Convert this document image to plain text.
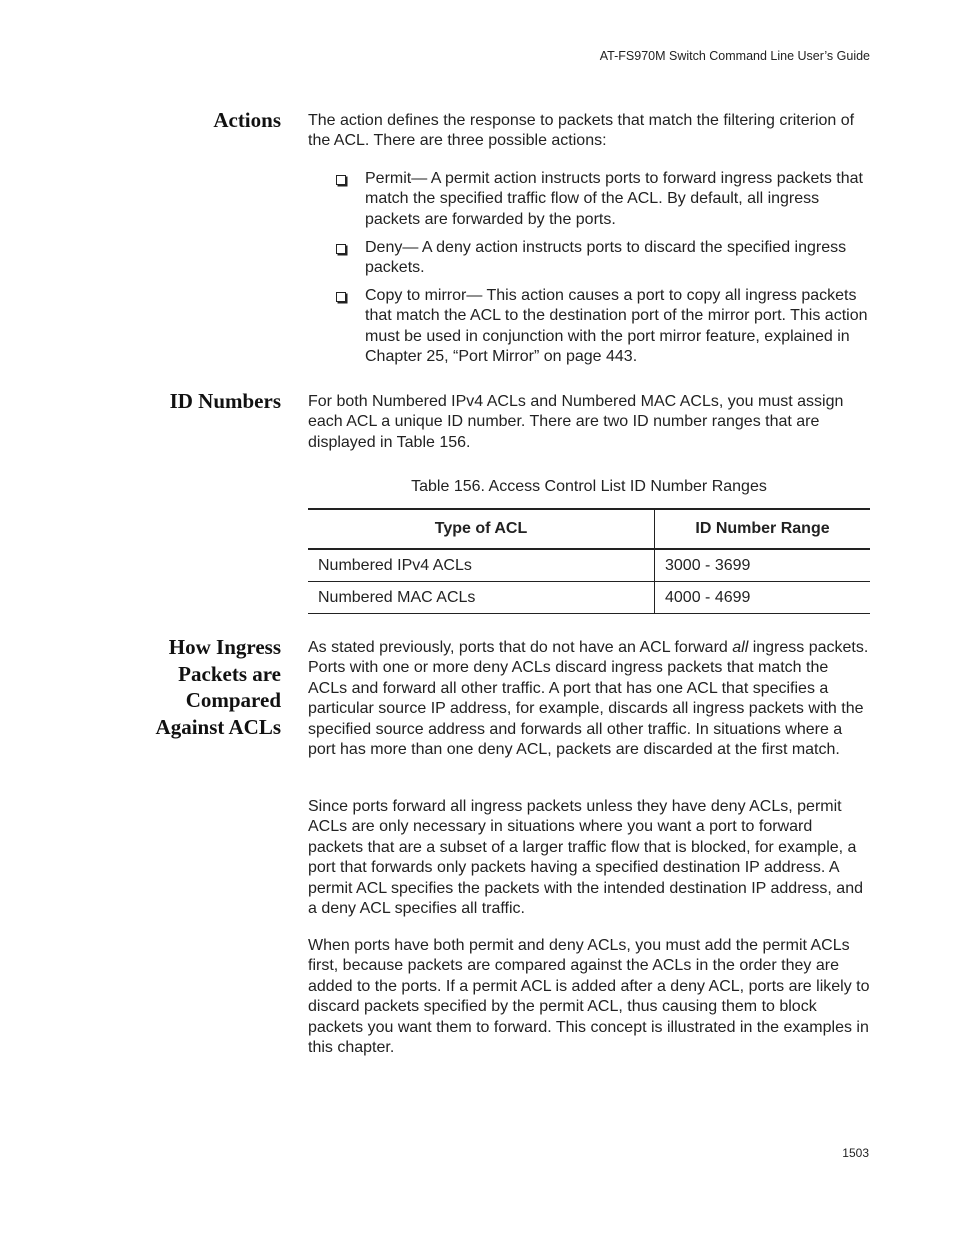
AT-FS970M Switch Command Line User’s Guide
Actions The action defines the response to packets that match the filtering criterion of the ACL. There are three possible actions:

Permit— A permit action instructs ports to forward ingress packets that match the specified traffic flow of the ACL. By default, all ingress packets are forwarded by the ports.
Deny— A deny action instructs ports to discard the specified ingress packets.
Copy to mirror— This action causes a port to copy all ingress packets that match the ACL to the destination port of the mirror port. This action must be used in conjunction with the port mirror feature, explained in Chapter 25, “Port Mirror” on page 443.
ID Numbers For both Numbered IPv4 ACLs and Numbered MAC ACLs, you must assign each ACL a unique ID number. There are two ID number ranges that are displayed in Table 156.

Table 156. Access Control List ID Number Ranges
Type of ACL	ID Number Range
Numbered IPv4 ACLs	3000 - 3699
Numbered MAC ACLs	4000 - 4699
How Ingress
Packets are
Compared
Against ACLs

As stated previously, ports that do not have an ACL forward all ingress packets. Ports with one or more deny ACLs discard ingress packets that match the ACLs and forward all other traffic. A port that has one ACL that specifies a particular source IP address, for example, discards all ingress packets with the specified source address and forwards all other traffic. In situations where a port has more than one deny ACL, packets are discarded at the first match.

Since ports forward all ingress packets unless they have deny ACLs, permit ACLs are only necessary in situations where you want a port to forward packets that are a subset of a larger traffic flow that is blocked, for example, a port that forwards only packets having a specified destination IP address. A permit ACL specifies the packets with the intended destination IP address, and a deny ACL specifies all traffic.

When ports have both permit and deny ACLs, you must add the permit ACLs first, because packets are compared against the ACLs in the order they are added to the ports. If a permit ACL is added after a deny ACL, ports are likely to discard packets specified by the permit ACL, thus causing them to block packets you want them to forward. This concept is illustrated in the examples in this chapter.

1503
